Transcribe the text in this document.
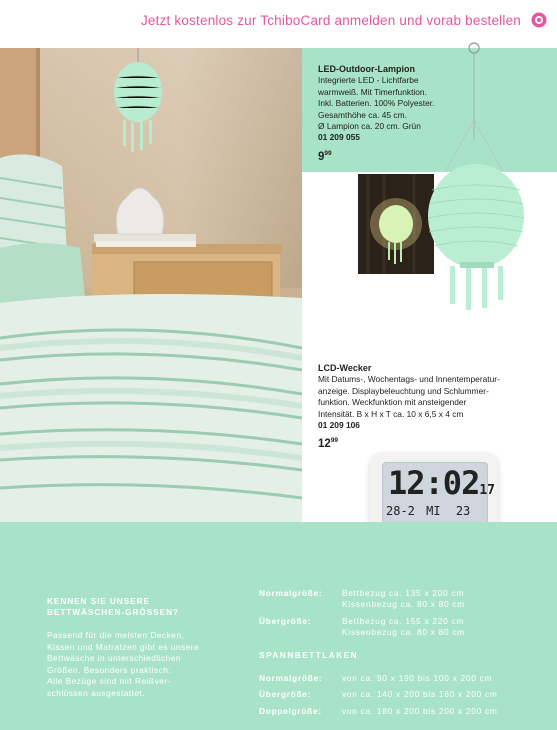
Jetzt kostenlos zur TchiboCard anmelden und vorab bestellen
LED-Outdoor-Lampion
Integrierte LED - Lichtfarbe
warmweiß. Mit Timerfunktion.
Inkl. Batterien. 100% Polyester.
Gesamthöhe ca. 45 cm.
Ø Lampion ca. 20 cm. Grün
01 209 055
$9^{99}$
LCD-Wecker
Mit Datums-, Wochentags- und Innentemperatur-
anzeige. Displaybeleuchtung und Schlummer-
funktion. Weckfunktion mit ansteigender
Intensität. B x H x T ca. 10 x 6,5 x 4 cm
01 209 106
$12^{99}$
12:0217
28-2 MI 23
KENNEN SIE UNSERE
BETTWÄSCHEN-GRÖSSEN?
Passend für die meisten Decken,
Kissen und Matratzen gibt es unsere
Bettwäsche in unterschiedlichen
Größen. Besonders praktisch:
Alle Bezüge sind mit Reißver-
schlüssen ausgestattet.
Normalgröße: Bettbezug ca. 135 x 200 cm
Kissenbezug ca. 80 x 80 cm
Übergröße:	Bettbezug ca. 155 x 220 cm
Kissenbezug ca. 80 x 80 cm
SPANNBETTLAKEN
Normalgröße: von ca. 90 x 190 bis 100 x 200 cm
Übergröße:	von ca. 140 x 200 bis 160 x 200 cm
Doppelgröße: von ca. 180 x 200 bis 200 x 200 cm
